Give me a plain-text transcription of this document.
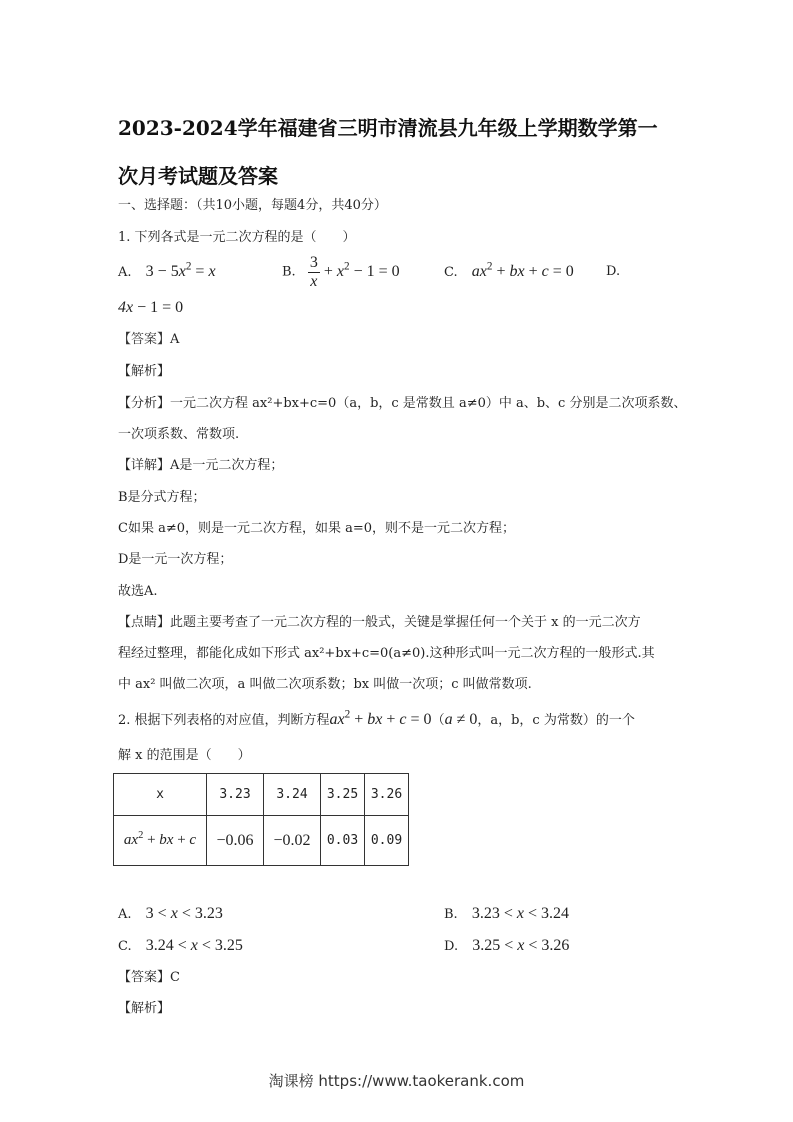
2023-2024学年福建省三明市清流县九年级上学期数学第一
次月考试题及答案
一、选择题：（共10小题，每题4分，共40分）
1. 下列各式是一元二次方程的是（　　）
A. $3 - 5x^2 = x$	B. $\frac{3}{x} + x^2 - 1 = 0$	C. $ax^2$ + bx + c = 0 D.
4x − 1 = 0
【答案】A
【解析】
【分析】一元二次方程 ax²+bx+c=0（a，b，c 是常数且 a≠0）中 a、b、c 分别是二次项系数、
一次项系数、常数项.
【详解】A是一元二次方程；
B是分式方程；
C如果 a≠0，则是一元二次方程，如果 a=0，则不是一元二次方程；
D是一元一次方程；
故选A.
【点睛】此题主要考查了一元二次方程的一般式，关键是掌握任何一个关于 x 的一元二次方
程经过整理，都能化成如下形式 ax²+bx+c=0(a≠0).这种形式叫一元二次方程的一般形式.其
中 ax² 叫做二次项，a 叫做二次项系数；bx 叫做一次项；c 叫做常数项.
2. 根据下列表格的对应值，判断方程$ax^2$ + bx + c = 0（a ≠ 0，a，b，c 为常数）的一个
解 x 的范围是（　　）
x	3.23	3.24	3.25	3.26
$ax^2$ + bx + c	−0.06	−0.02	0.03	0.09
A. 3 < x < 3.23	B. 3.23 < x < 3.24
C. 3.24 < x < 3.25	D. 3.25 < x < 3.26
【答案】C
【解析】
淘课榜 https://www.taokerank.com
